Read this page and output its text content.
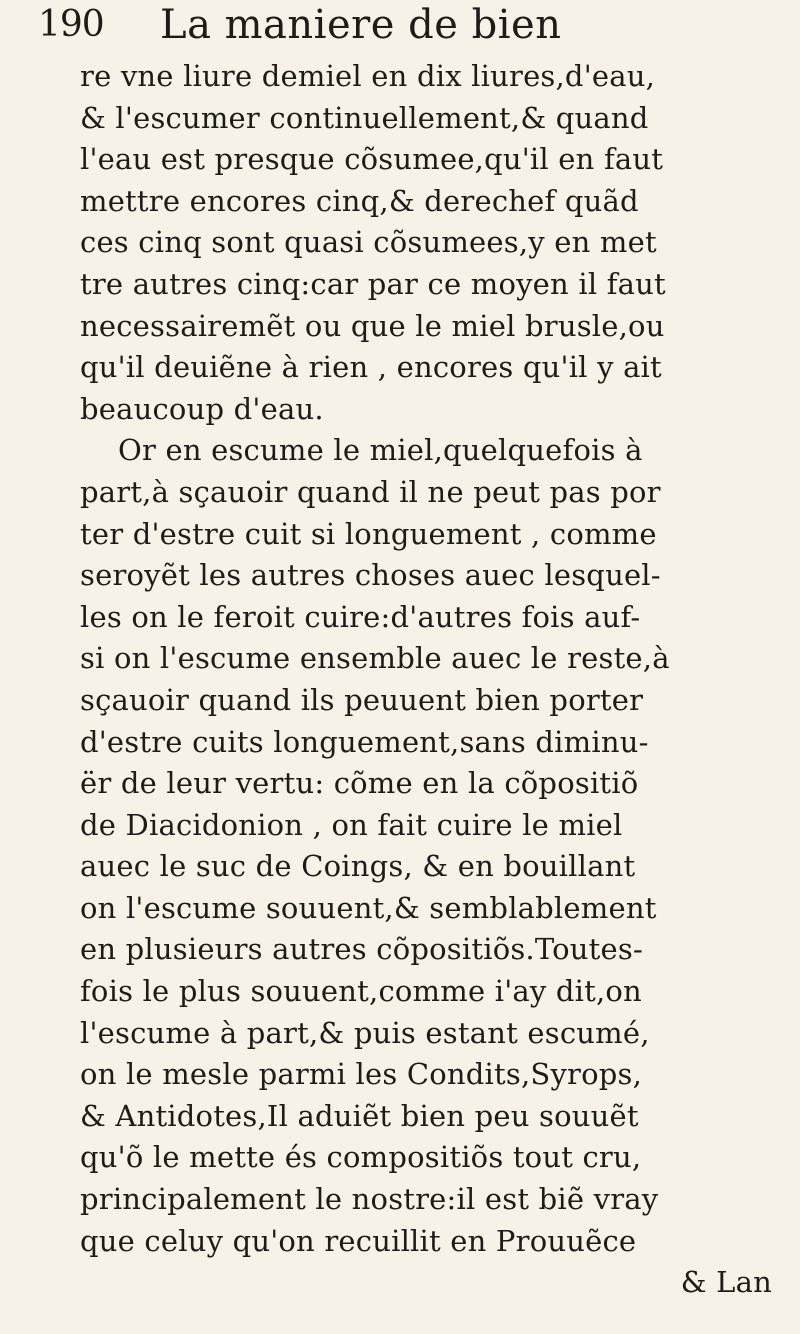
190 La maniere de bien
re vne liure demiel en dix liures,d'eau,
& l'escumer continuellement,& quand
l'eau est presque cõsumee,qu'il en faut
mettre encores cinq,& derechef quãd
ces cinq sont quasi cõsumees,y en met
tre autres cinq:car par ce moyen il faut
necessairemẽt ou que le miel brusle,ou
qu'il deuiẽne à rien , encores qu'il y ait
beaucoup d'eau.
Or en escume le miel,quelquefois à
part,à sçauoir quand il ne peut pas por
ter d'estre cuit si longuement , comme
seroyẽt les autres choses auec lesquel-
les on le feroit cuire:d'autres fois auf-
si on l'escume ensemble auec le reste,à
sçauoir quand ils peuuent bien porter
d'estre cuits longuement,sans diminu-
ër de leur vertu: cõme en la cõpositiõ
de Diacidonion , on fait cuire le miel
auec le suc de Coings, & en bouillant
on l'escume souuent,& semblablement
en plusieurs autres cõpositiõs.Toutes-
fois le plus souuent,comme i'ay dit,on
l'escume à part,& puis estant escumé,
on le mesle parmi les Condits,Syrops,
& Antidotes,Il aduiẽt bien peu souuẽt
qu'õ le mette és compositiõs tout cru,
principalement le nostre:il est biẽ vray
que celuy qu'on recuillit en Prouuẽce
& Lan
